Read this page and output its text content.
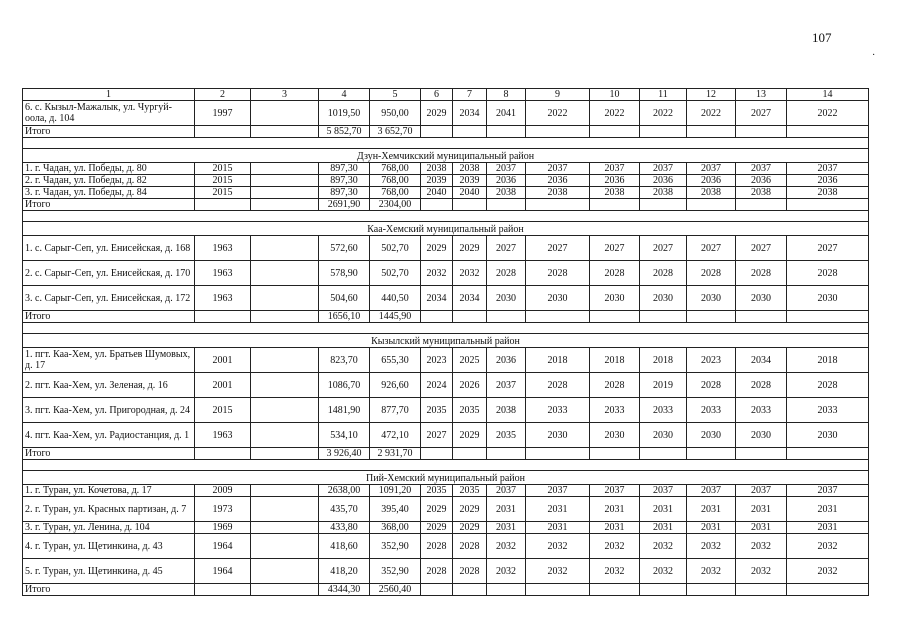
107
·
1	2	3	4	5	6	7	8	9	10	11	12	13	14
6. с. Кызыл-Мажалык, ул. Чургуй-оола, д. 104	1997		1019,50	950,00	2029	2034	2041	2022	2022	2022	2022	2027	2022
Итого			5 852,70	3 652,70									

Дзун-Хемчикский муниципальный район													
1. г. Чадан, ул. Победы, д. 80	2015		897,30	768,00	2038	2038	2037	2037	2037	2037	2037	2037	2037
2. г. Чадан, ул. Победы, д. 82	2015		897,30	768,00	2039	2039	2036	2036	2036	2036	2036	2036	2036
3. г. Чадан, ул. Победы, д. 84	2015		897,30	768,00	2040	2040	2038	2038	2038	2038	2038	2038	2038
Итого			2691,90	2304,00									

Каа-Хемский муниципальный район													
1. с. Сарыг-Сеп, ул. Енисейская, д. 168	1963		572,60	502,70	2029	2029	2027	2027	2027	2027	2027	2027	2027
2. с. Сарыг-Сеп, ул. Енисейская, д. 170	1963		578,90	502,70	2032	2032	2028	2028	2028	2028	2028	2028	2028
3. с. Сарыг-Сеп, ул. Енисейская, д. 172	1963		504,60	440,50	2034	2034	2030	2030	2030	2030	2030	2030	2030
Итого			1656,10	1445,90									

Кызылский муниципальный район													
1. пгт. Каа-Хем, ул. Братьев Шумовых, д. 17	2001		823,70	655,30	2023	2025	2036	2018	2018	2018	2023	2034	2018
2. пгт. Каа-Хем, ул. Зеленая, д. 16	2001		1086,70	926,60	2024	2026	2037	2028	2028	2019	2028	2028	2028
3. пгт. Каа-Хем, ул. Пригородная, д. 24	2015		1481,90	877,70	2035	2035	2038	2033	2033	2033	2033	2033	2033
4. пгт. Каа-Хем, ул. Радиостанция, д. 1	1963		534,10	472,10	2027	2029	2035	2030	2030	2030	2030	2030	2030
Итого			3 926,40	2 931,70									

Пий-Хемский муниципальный район													
1. г. Туран, ул. Кочетова, д. 17	2009		2638,00	1091,20	2035	2035	2037	2037	2037	2037	2037	2037	2037
2. г. Туран, ул. Красных партизан, д. 7	1973		435,70	395,40	2029	2029	2031	2031	2031	2031	2031	2031	2031
3. г. Туран, ул. Ленина, д. 104	1969		433,80	368,00	2029	2029	2031	2031	2031	2031	2031	2031	2031
4. г. Туран, ул. Щетинкина, д. 43	1964		418,60	352,90	2028	2028	2032	2032	2032	2032	2032	2032	2032
5. г. Туран, ул. Щетинкина, д. 45	1964		418,20	352,90	2028	2028	2032	2032	2032	2032	2032	2032	2032
Итого			4344,30	2560,40									
